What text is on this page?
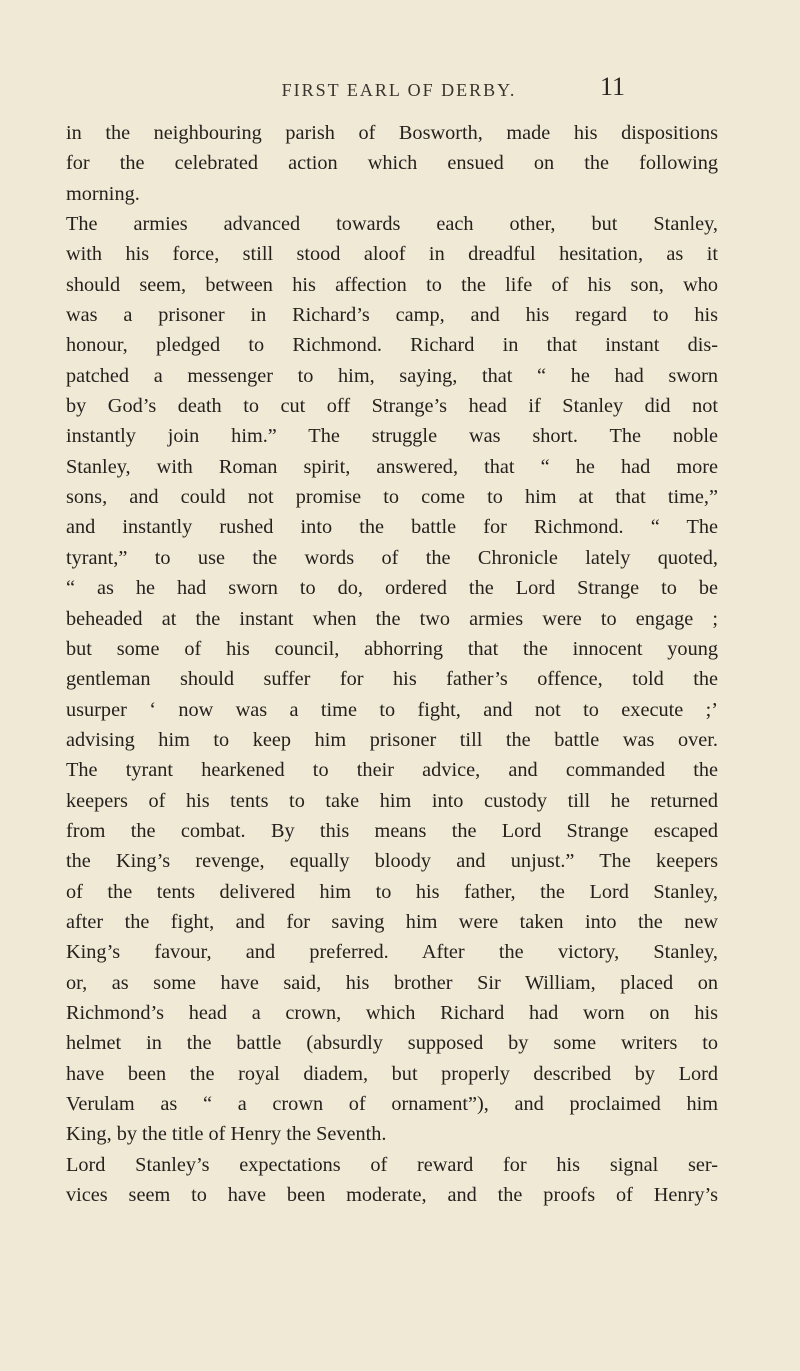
FIRST EARL OF DERBY.	11
in the neighbouring parish of Bosworth, made his dispositions
for the celebrated action which ensued on the following
morning.
The armies advanced towards each other, but Stanley,
with his force, still stood aloof in dreadful hesitation, as it
should seem, between his affection to the life of his son, who
was a prisoner in Richard’s camp, and his regard to his
honour, pledged to Richmond. Richard in that instant dis-
patched a messenger to him, saying, that “ he had sworn
by God’s death to cut off Strange’s head if Stanley did not
instantly join him.” The struggle was short. The noble
Stanley, with Roman spirit, answered, that “ he had more
sons, and could not promise to come to him at that time,”
and instantly rushed into the battle for Richmond. “ The
tyrant,” to use the words of the Chronicle lately quoted,
“ as he had sworn to do, ordered the Lord Strange to be
beheaded at the instant when the two armies were to engage ;
but some of his council, abhorring that the innocent young
gentleman should suffer for his father’s offence, told the
usurper ‘ now was a time to fight, and not to execute ;’
advising him to keep him prisoner till the battle was over.
The tyrant hearkened to their advice, and commanded the
keepers of his tents to take him into custody till he returned
from the combat. By this means the Lord Strange escaped
the King’s revenge, equally bloody and unjust.” The keepers
of the tents delivered him to his father, the Lord Stanley,
after the fight, and for saving him were taken into the new
King’s favour, and preferred. After the victory, Stanley,
or, as some have said, his brother Sir William, placed on
Richmond’s head a crown, which Richard had worn on his
helmet in the battle (absurdly supposed by some writers to
have been the royal diadem, but properly described by Lord
Verulam as “ a crown of ornament”), and proclaimed him
King, by the title of Henry the Seventh.
Lord Stanley’s expectations of reward for his signal ser-
vices seem to have been moderate, and the proofs of Henry’s
